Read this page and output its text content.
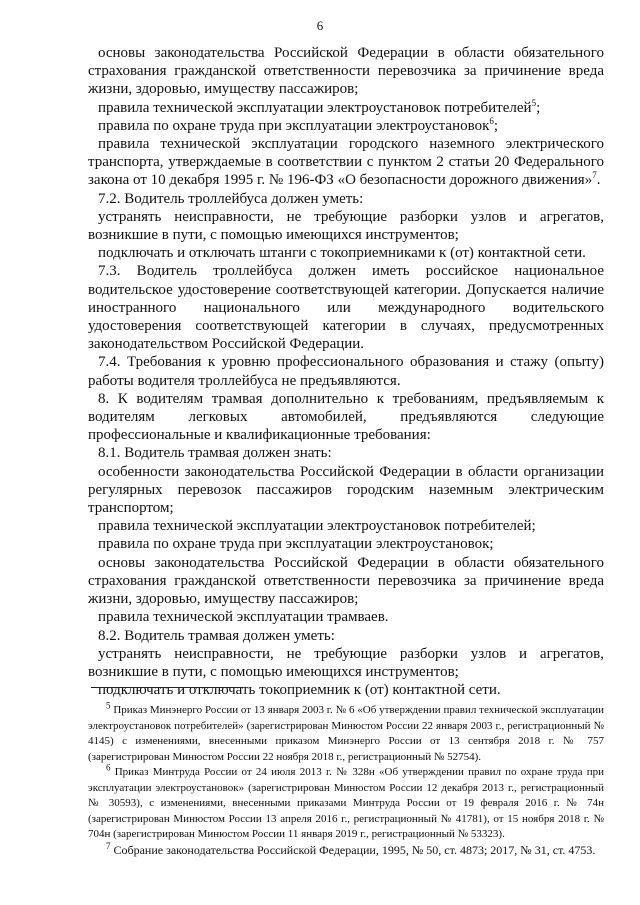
6

основы законодательства Российской Федерации в области обязательного страхования гражданской ответственности перевозчика за причинение вреда жизни, здоровью, имуществу пассажиров;

правила технической эксплуатации электроустановок потребителей$^5$;

правила по охране труда при эксплуатации электроустановок$^6$;

правила технической эксплуатации городского наземного электрического транспорта, утверждаемые в соответствии с пунктом 2 статьи 20 Федерального закона от 10 декабря 1995 г. № 196-ФЗ «О безопасности дорожного движения»$^7$.

7.2. Водитель троллейбуса должен уметь:

устранять неисправности, не требующие разборки узлов и агрегатов, возникшие в пути, с помощью имеющихся инструментов;

подключать и отключать штанги с токоприемниками к (от) контактной сети.

7.3. Водитель троллейбуса должен иметь российское национальное водительское удостоверение соответствующей категории. Допускается наличие иностранного национального или международного водительского удостоверения соответствующей категории в случаях, предусмотренных законодательством Российской Федерации.

7.4. Требования к уровню профессионального образования и стажу (опыту) работы водителя троллейбуса не предъявляются.

8. К водителям трамвая дополнительно к требованиям, предъявляемым к водителям легковых автомобилей, предъявляются следующие профессиональные и квалификационные требования:

8.1. Водитель трамвая должен знать:

особенности законодательства Российской Федерации в области организации регулярных перевозок пассажиров городским наземным электрическим транспортом;

правила технической эксплуатации электроустановок потребителей;

правила по охране труда при эксплуатации электроустановок;

основы законодательства Российской Федерации в области обязательного страхования гражданской ответственности перевозчика за причинение вреда жизни, здоровью, имуществу пассажиров;

правила технической эксплуатации трамваев.

8.2. Водитель трамвая должен уметь:

устранять неисправности, не требующие разборки узлов и агрегатов, возникшие в пути, с помощью имеющихся инструментов;

подключать и отключать токоприемник к (от) контактной сети.

$^5$ Приказ Минэнерго России от 13 января 2003 г. № 6 «Об утверждении правил технической эксплуатации электроустановок потребителей» (зарегистрирован Минюстом России 22 января 2003 г., регистрационный № 4145) с изменениями, внесенными приказом Минэнерго России от 13 сентября 2018 г. № 757 (зарегистрирован Минюстом России 22 ноября 2018 г., регистрационный № 52754).

$^6$ Приказ Минтруда России от 24 июля 2013 г. № 328н «Об утверждении правил по охране труда при эксплуатации электроустановок» (зарегистрирован Минюстом России 12 декабря 2013 г., регистрационный № 30593), с изменениями, внесенными приказами Минтруда России от 19 февраля 2016 г. № 74н (зарегистрирован Минюстом России 13 апреля 2016 г., регистрационный № 41781), от 15 ноября 2018 г. № 704н (зарегистрирован Минюстом России 11 января 2019 г., регистрационный № 53323).

$^7$ Собрание законодательства Российской Федерации, 1995, № 50, ст. 4873; 2017, № 31, ст. 4753.
